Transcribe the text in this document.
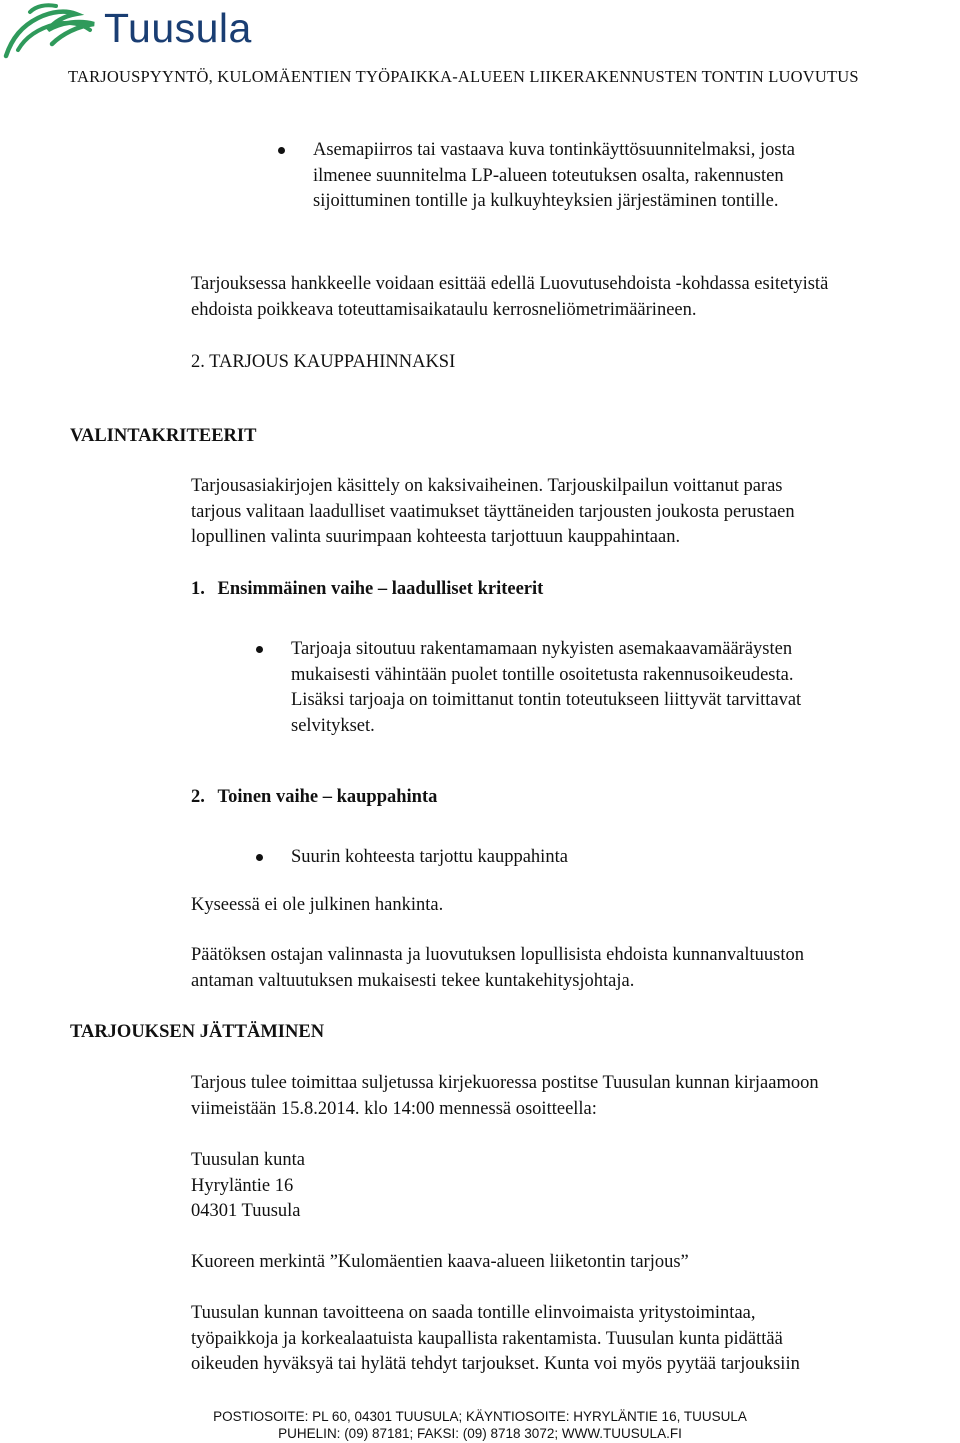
Tuusula
TARJOUSPYYNTÖ, KULOMÄENTIEN TYÖPAIKKA-ALUEEN LIIKERAKENNUSTEN TONTIN LUOVUTUS
Asemapiirros tai vastaava kuva tontinkäyttösuunnitelmaksi, josta
ilmenee suunnitelma LP-alueen toteutuksen osalta, rakennusten
sijoittuminen tontille ja kulkuyhteyksien järjestäminen tontille.
Tarjouksessa hankkeelle voidaan esittää edellä Luovutusehdoista -kohdassa esitetyistä
ehdoista poikkeava toteuttamisaikataulu kerrosneliömetrimäärineen.
2. TARJOUS KAUPPAHINNAKSI
VALINTAKRITEERIT
Tarjousasiakirjojen käsittely on kaksivaiheinen. Tarjouskilpailun voittanut paras
tarjous valitaan laadulliset vaatimukset täyttäneiden tarjousten joukosta perustaen
lopullinen valinta suurimpaan kohteesta tarjottuun kauppahintaan.
1. Ensimmäinen vaihe – laadulliset kriteerit
Tarjoaja sitoutuu rakentamamaan nykyisten asemakaavamääräysten
mukaisesti vähintään puolet tontille osoitetusta rakennusoikeudesta.
Lisäksi tarjoaja on toimittanut tontin toteutukseen liittyvät tarvittavat
selvitykset.
2. Toinen vaihe – kauppahinta
Suurin kohteesta tarjottu kauppahinta
Kyseessä ei ole julkinen hankinta.
Päätöksen ostajan valinnasta ja luovutuksen lopullisista ehdoista kunnanvaltuuston
antaman valtuutuksen mukaisesti tekee kuntakehitysjohtaja.
TARJOUKSEN JÄTTÄMINEN
Tarjous tulee toimittaa suljetussa kirjekuoressa postitse Tuusulan kunnan kirjaamoon
viimeistään 15.8.2014. klo 14:00 mennessä osoitteella:
Tuusulan kunta
Hyryläntie 16
04301 Tuusula
Kuoreen merkintä ”Kulomäentien kaava-alueen liiketontin tarjous”
Tuusulan kunnan tavoitteena on saada tontille elinvoimaista yritystoimintaa,
työpaikkoja ja korkealaatuista kaupallista rakentamista. Tuusulan kunta pidättää
oikeuden hyväksyä tai hylätä tehdyt tarjoukset. Kunta voi myös pyytää tarjouksiin
POSTIOSOITE: PL 60, 04301 TUUSULA; KÄYNTIOSOITE: HYRYLÄNTIE 16, TUUSULA
PUHELIN: (09) 87181; FAKSI: (09) 8718 3072; WWW.TUUSULA.FI
